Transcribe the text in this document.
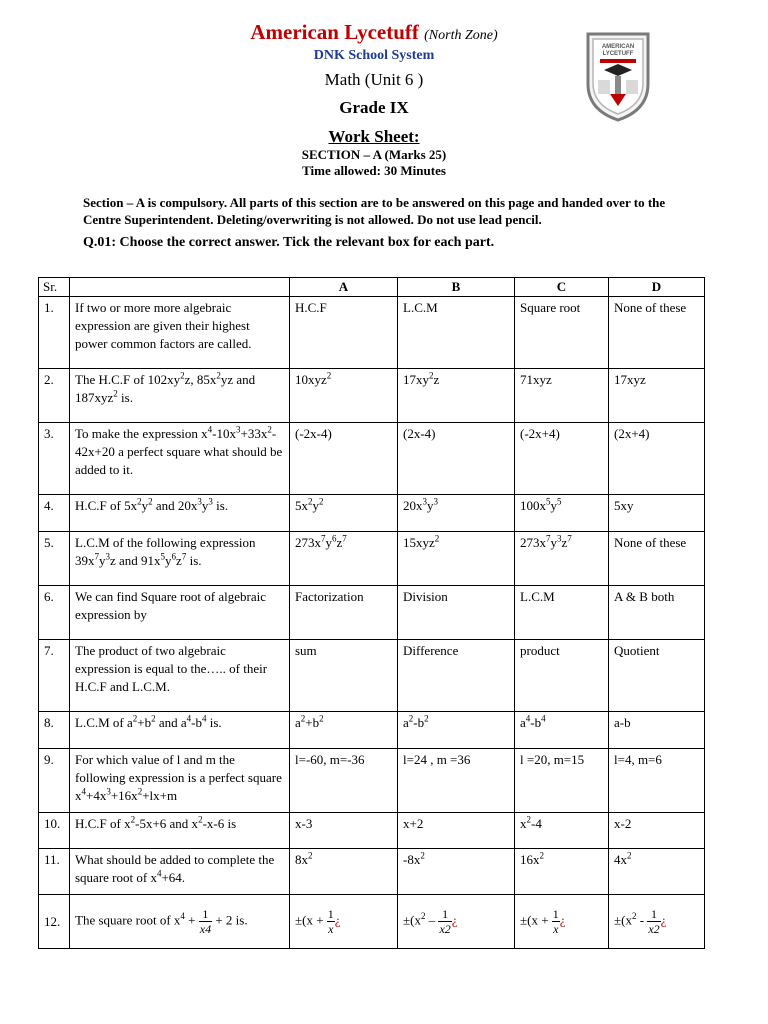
American Lycetuff (North Zone)
DNK School System
Math (Unit 6 )
Grade IX
Work Sheet:
SECTION – A (Marks 25)
Time allowed: 30 Minutes
AMERICAN
LYCETUFF
Section – A is compulsory. All parts of this section are to be answered on this page and handed over to the Centre Superintendent. Deleting/overwriting is not allowed. Do not use lead pencil.
Q.01: Choose the correct answer. Tick the relevant box for each part.
Sr.		A	B	C	D
1.	If two or more more algebraic expression are given their highest power common factors are called.	H.C.F	L.C.M	Square root	None of these
2.	The H.C.F of $102xy^2z$, $85x^2yz$ and 187xyz$^2$ is.	10xyz$^2$	$17xy^2z$	71xyz	17xyz
3.	To make the expression $x^4-10x^3+33x^2-42x+20$ a perfect square what should be added to it.	(-2x-4)	(2x-4)	(-2x+4)	(2x+4)
4.	H.C.F of $5x^2y^2$ and $20x^3y^3$ is.	$5x^2y^2$	$20x^3y^3$	$100x^5y^5$	5xy
5.	L.C.M of the following expression $39x^7y^3z$ and $91x^5y^6z^7$ is.	$273x^7y^6z^7$	15xyz$^2$	$273x^7y^3z^7$	None of these
6.	We can find Square root of algebraic expression by	Factorization	Division	L.C.M	A & B both
7.	The product of two algebraic expression is equal to the….. of their H.C.F and L.C.M.	sum	Difference	product	Quotient
8.	L.C.M of $a^2+b^2$ and $a^4-b^4$ is.	$a^2+b^2$	$a^2-b^2$	$a^4-b^4$	a-b
9.	For which value of l and m the following expression is a perfect square $x^4+4x^3+16x^2+lx+m$	l=-60, m=-36	l=24 , m =36	l =20, m=15	l=4, m=6
10.	H.C.F of $x^2-5x+6$ and $x^2-x-6$ is	x-3	x+2	$x^2-4$	x-2
11.	What should be added to complete the square root of $x^4+64$.	$8x^2$	$-8x^2$	$16x^2$	$4x^2$
12.	The square root of $x^4 + \frac{1}{x4} + 2$ is.	$\pm(x + \frac{1}{x}$ ¿	$\pm(x^2 - \frac{1}{x2}$ ¿	$\pm(x + \frac{1}{x}$ ¿	$\pm(x^2 - \frac{1}{x2}$ ¿
